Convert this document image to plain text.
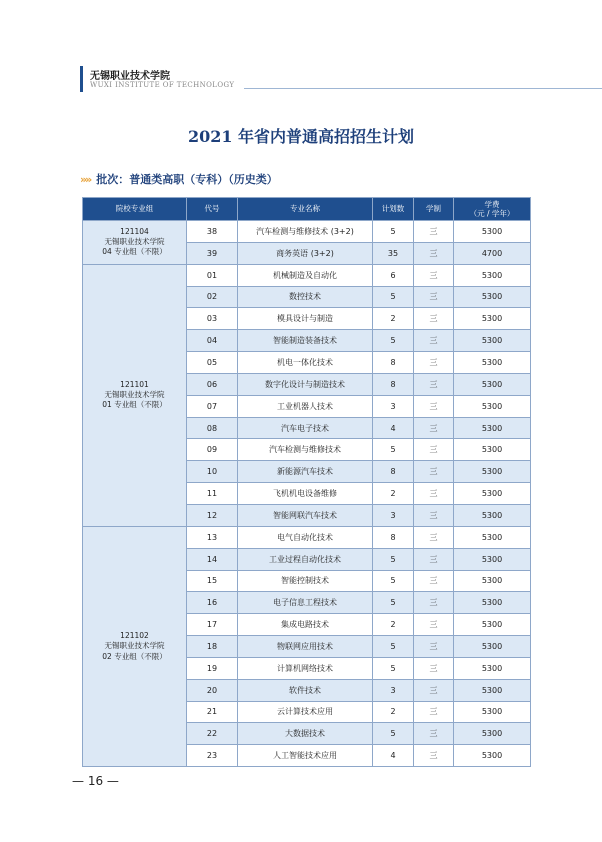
无锡职业技术学院
WUXI INSTITUTE OF TECHNOLOGY
2021 年省内普通高招招生计划
»» 批次：普通类高职（专科）（历史类）
院校专业组	代号	专业名称	计划数	学制	学费
（元 / 学年）

121104
无锡职业技术学院
04 专业组（不限）	38	汽车检测与维修技术 (3+2)	5	三	5300
	39	商务英语 (3+2)	35	三	4700

121101
无锡职业技术学院
01 专业组（不限）	01	机械制造及自动化	6	三	5300
	02	数控技术	5	三	5300
	03	模具设计与制造	2	三	5300
	04	智能制造装备技术	5	三	5300
	05	机电一体化技术	8	三	5300
	06	数字化设计与制造技术	8	三	5300
	07	工业机器人技术	3	三	5300
	08	汽车电子技术	4	三	5300
	09	汽车检测与维修技术	5	三	5300
	10	新能源汽车技术	8	三	5300
	11	飞机机电设备维修	2	三	5300
	12	智能网联汽车技术	3	三	5300

121102
无锡职业技术学院
02 专业组（不限）	13	电气自动化技术	8	三	5300
	14	工业过程自动化技术	5	三	5300
	15	智能控制技术	5	三	5300
	16	电子信息工程技术	5	三	5300
	17	集成电路技术	2	三	5300
	18	物联网应用技术	5	三	5300
	19	计算机网络技术	5	三	5300
	20	软件技术	3	三	5300
	21	云计算技术应用	2	三	5300
	22	大数据技术	5	三	5300
	23	人工智能技术应用	4	三	5300
— 16 —
